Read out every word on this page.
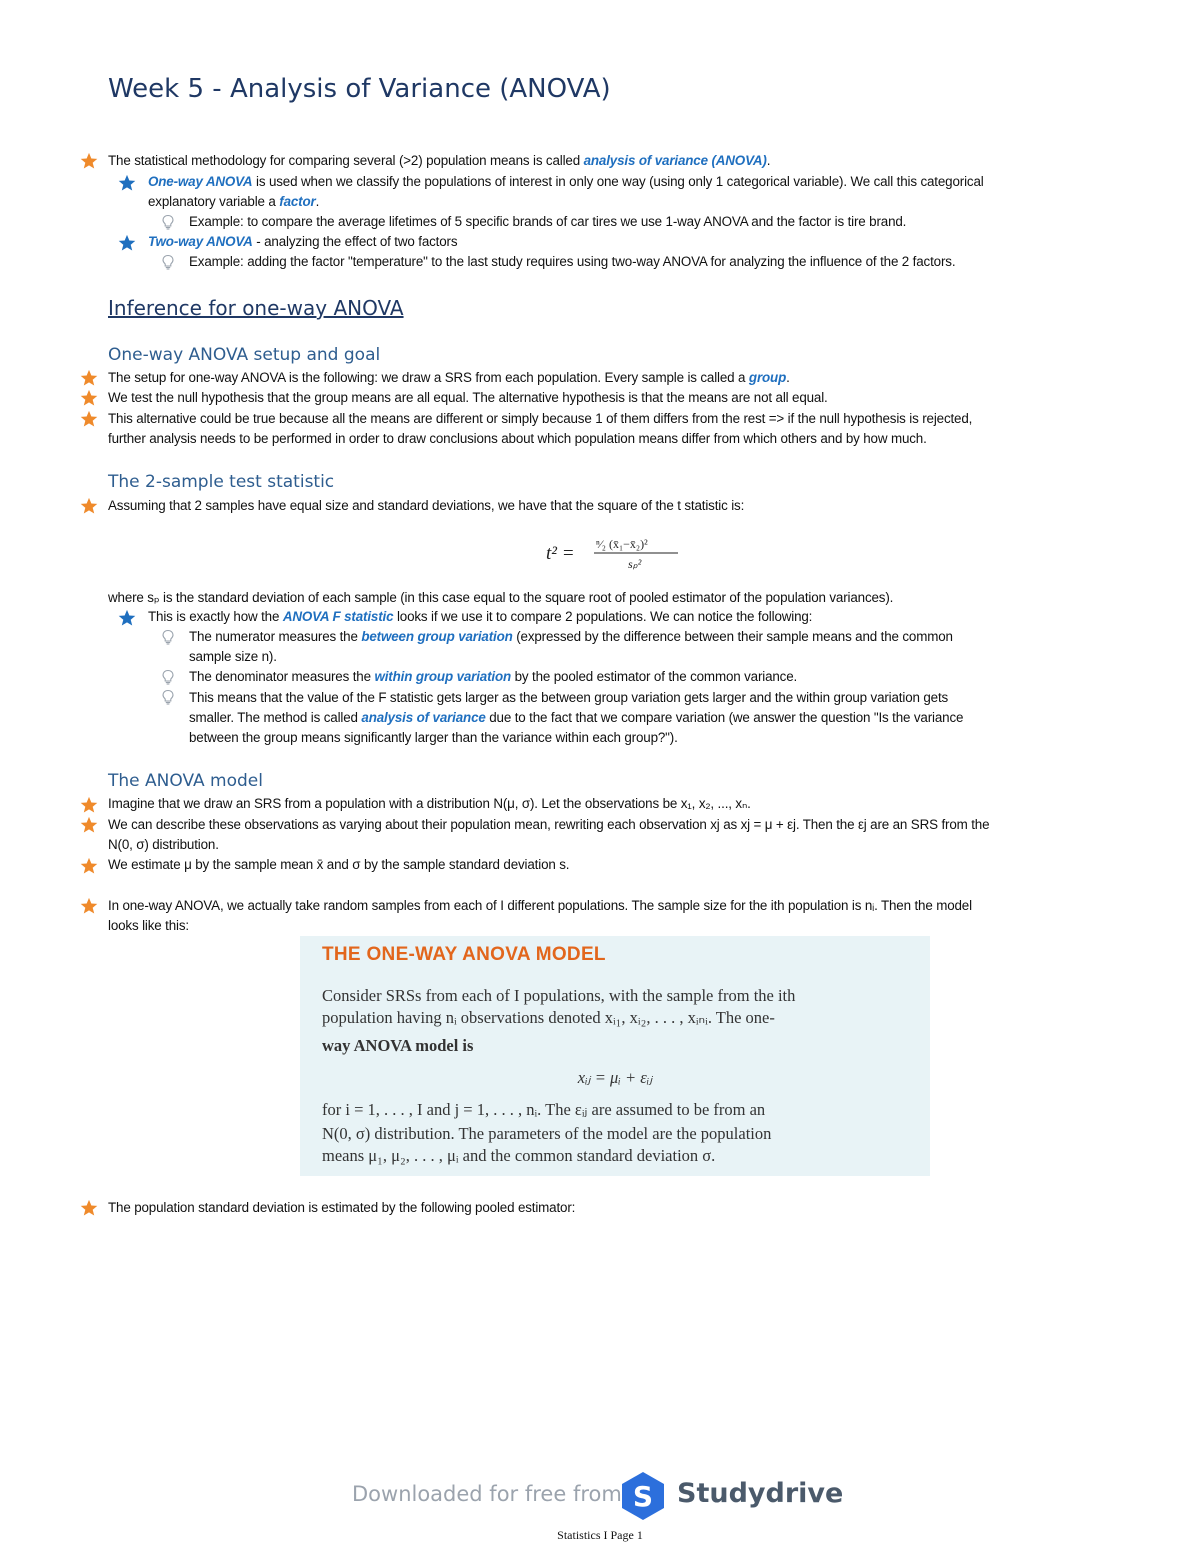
Week 5 - Analysis of Variance (ANOVA)
The statistical methodology for comparing several (>2) population means is called analysis of variance (ANOVA).
One-way ANOVA is used when we classify the populations of interest in only one way (using only 1 categorical variable). We call this categorical
explanatory variable a factor.
Example: to compare the average lifetimes of 5 specific brands of car tires we use 1-way ANOVA and the factor is tire brand.
Two-way ANOVA - analyzing the effect of two factors
Example: adding the factor "temperature" to the last study requires using two-way ANOVA for analyzing the influence of the 2 factors.
Inference for one-way ANOVA
One-way ANOVA setup and goal
The setup for one-way ANOVA is the following: we draw a SRS from each population. Every sample is called a group.
We test the null hypothesis that the group means are all equal. The alternative hypothesis is that the means are not all equal.
This alternative could be true because all the means are different or simply because 1 of them differs from the rest => if the null hypothesis is rejected,
further analysis needs to be performed in order to draw conclusions about which population means differ from which others and by how much.
The 2-sample test statistic
Assuming that 2 samples have equal size and standard deviations, we have that the square of the t statistic is:
t² = ⁿ⁄₂ (x̄₁−x̄₂)²
sₚ²
where sₚ is the standard deviation of each sample (in this case equal to the square root of pooled estimator of the population variances).
This is exactly how the ANOVA F statistic looks if we use it to compare 2 populations. We can notice the following:
The numerator measures the between group variation (expressed by the difference between their sample means and the common
sample size n).
The denominator measures the within group variation by the pooled estimator of the common variance.
This means that the value of the F statistic gets larger as the between group variation gets larger and the within group variation gets
smaller. The method is called analysis of variance due to the fact that we compare variation (we answer the question "Is the variance
between the group means significantly larger than the variance within each group?").
The ANOVA model
Imagine that we draw an SRS from a population with a distribution N(μ, σ). Let the observations be x₁, x₂, ..., xₙ.
We can describe these observations as varying about their population mean, rewriting each observation xj as xj = μ + εj. Then the εj are an SRS from the
N(0, σ) distribution.
We estimate μ by the sample mean x̄ and σ by the sample standard deviation s.
In one-way ANOVA, we actually take random samples from each of I different populations. The sample size for the ith population is nᵢ. Then the model
looks like this:
THE ONE-WAY ANOVA MODEL
Consider SRSs from each of I populations, with the sample from the ith
population having nᵢ observations denoted xᵢ₁, xᵢ₂, . . . , xᵢₙᵢ. The one-
way ANOVA model is
xᵢⱼ = μᵢ + εᵢⱼ
for i = 1, . . . , I and j = 1, . . . , nᵢ. The εᵢⱼ are assumed to be from an
N(0, σ) distribution. The parameters of the model are the population
means μ₁, μ₂, . . . , μᵢ and the common standard deviation σ.
The population standard deviation is estimated by the following pooled estimator:
Downloaded for free from S Studydrive
Statistics I Page 1
